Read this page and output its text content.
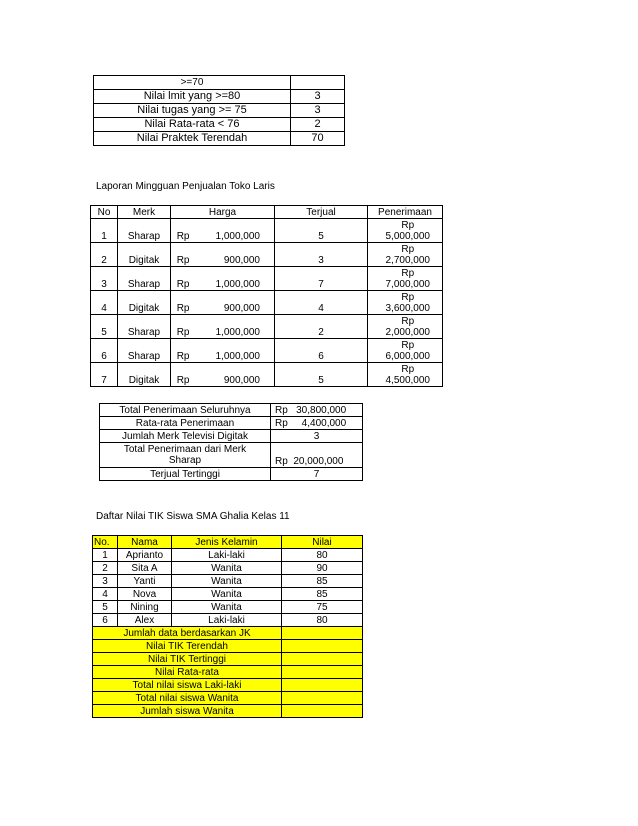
>=70	
Nilai lmit yang >=80	3
Nilai tugas yang >= 75	3
Nilai Rata-rata < 76	2
Nilai Praktek Terendah	70
Laporan Mingguan Penjualan Toko Laris
No	Merk	Harga		Terjual	Penerimaan
1	Sharap	Rp	1,000,000	5	Rp
5,000,000
2	Digitak	Rp	900,000	3	Rp
2,700,000
3	Sharap	Rp	1,000,000	7	Rp
7,000,000
4	Digitak	Rp	900,000	4	Rp
3,600,000
5	Sharap	Rp	1,000,000	2	Rp
2,000,000
6	Sharap	Rp	1,000,000	6	Rp
6,000,000
7	Digitak	Rp	900,000	5	Rp
4,500,000
Total Penerimaan Seluruhnya	Rp   30,800,000
Rata-rata Penerimaan	Rp     4,400,000
Jumlah Merk Televisi Digitak	3
Total Penerimaan dari Merk Sharap	Rp  20,000,000
Terjual Tertinggi	7
Daftar Nilai TIK Siswa SMA Ghalia Kelas 11
No.	Nama	Jenis Kelamin	Nilai
1	Aprianto	Laki-laki	80
2	Sita A	Wanita	90
3	Yanti	Wanita	85
4	Nova	Wanita	85
5	Nining	Wanita	75
6	Alex	Laki-laki	80
Jumlah data berdasarkan JK			
Nilai TIK Terendah			
Nilai TIK Tertinggi			
Nilai Rata-rata			
Total nilai siswa Laki-laki			
Total nilai siswa Wanita			
Jumlah siswa Wanita			
